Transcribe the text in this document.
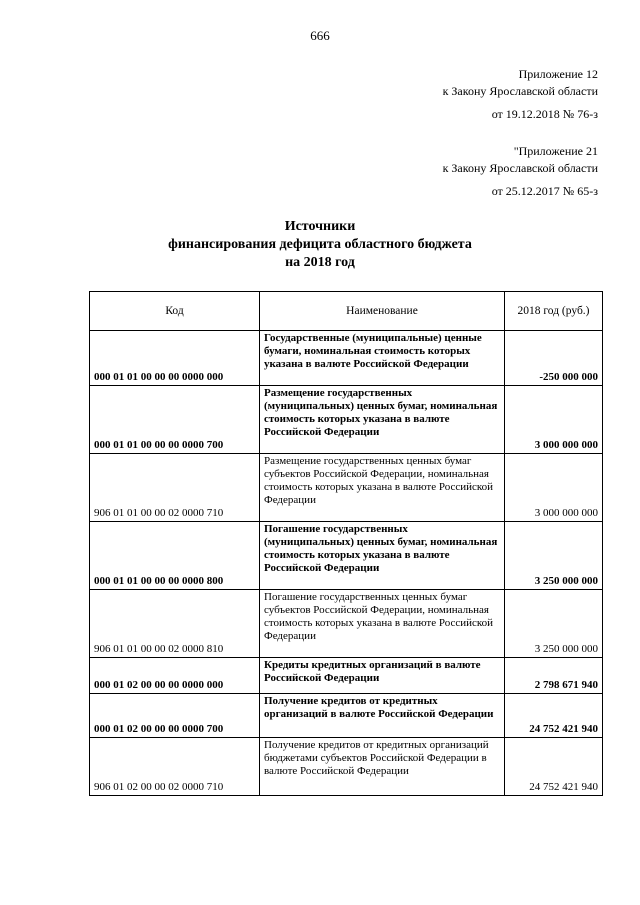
666
Приложение 12
к Закону Ярославской области
от 19.12.2018 № 76-з
"Приложение 21
к Закону Ярославской области
от 25.12.2017 № 65-з
Источники
финансирования дефицита областного бюджета
на 2018 год
Код	Наименование	2018 год (руб.)
000 01 01 00 00 00 0000 000	Государственные (муниципальные) ценные бумаги, номинальная стоимость которых указана в валюте Российской Федерации	-250 000 000
000 01 01 00 00 00 0000 700	Размещение государственных (муниципальных) ценных бумаг, номинальная стоимость которых указана в валюте Российской Федерации	3 000 000 000
906 01 01 00 00 02 0000 710	Размещение государственных ценных бумаг субъектов Российской Федерации, номинальная стоимость которых указана в валюте Российской Федерации	3 000 000 000
000 01 01 00 00 00 0000 800	Погашение государственных (муниципальных) ценных бумаг, номинальная стоимость которых указана в валюте Российской Федерации	3 250 000 000
906 01 01 00 00 02 0000 810	Погашение государственных ценных бумаг субъектов Российской Федерации, номинальная стоимость которых указана в валюте Российской Федерации	3 250 000 000
000 01 02 00 00 00 0000 000	Кредиты кредитных организаций в валюте Российской Федерации	2 798 671 940
000 01 02 00 00 00 0000 700	Получение кредитов от кредитных организаций в валюте Российской Федерации	24 752 421 940
906 01 02 00 00 02 0000 710	Получение кредитов от кредитных организаций бюджетами субъектов Российской Федерации в валюте Российской Федерации	24 752 421 940
